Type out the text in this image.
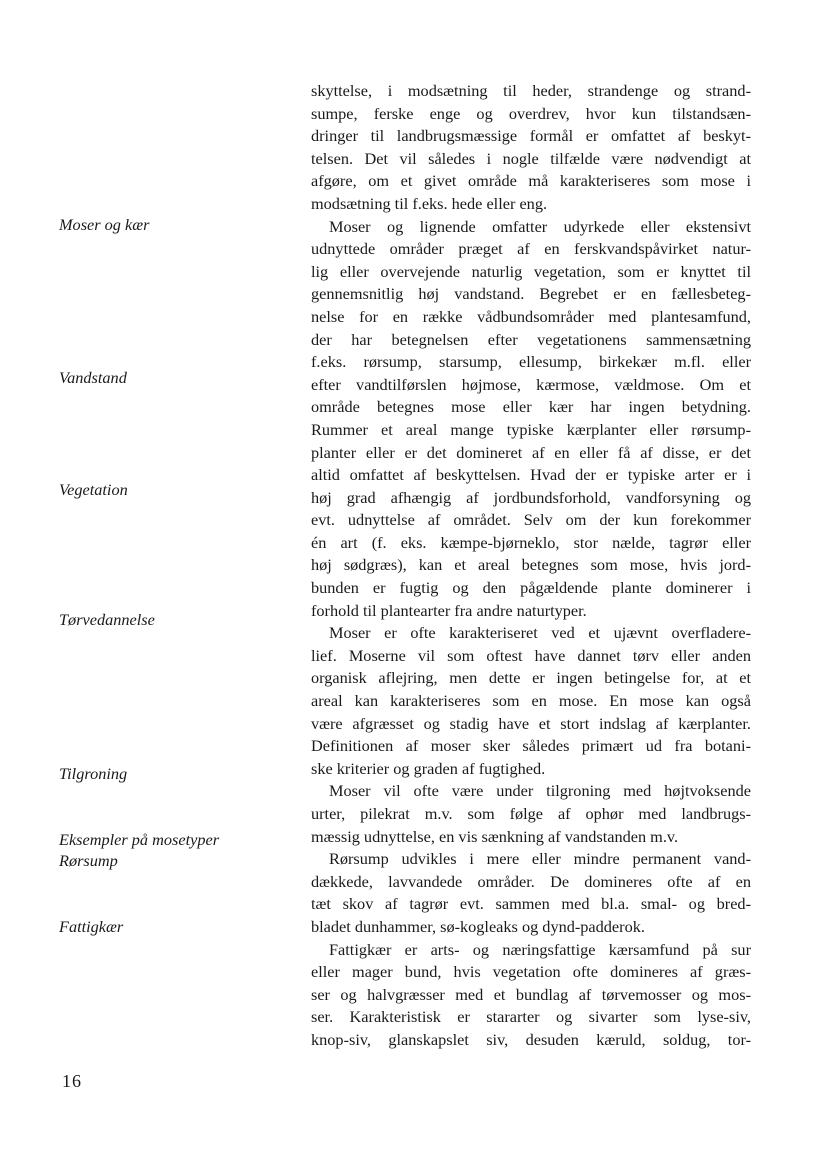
Moser og kær
Vandstand
Vegetation
Tørvedannelse
Tilgroning
Eksempler på mosetyper
Rørsump
Fattigkær
skyttelse, i modsætning til heder, strandenge og strand-
sumpe, ferske enge og overdrev, hvor kun tilstandsæn-
dringer til landbrugsmæssige formål er omfattet af beskyt-
telsen. Det vil således i nogle tilfælde være nødvendigt at
afgøre, om et givet område må karakteriseres som mose i
modsætning til f.eks. hede eller eng.
Moser og lignende omfatter udyrkede eller ekstensivt
udnyttede områder præget af en ferskvandspåvirket natur-
lig eller overvejende naturlig vegetation, som er knyttet til
gennemsnitlig høj vandstand. Begrebet er en fællesbeteg-
nelse for en række vådbundsområder med plantesamfund,
der har betegnelsen efter vegetationens sammensætning
f.eks. rørsump, starsump, ellesump, birkekær m.fl. eller
efter vandtilførslen højmose, kærmose, vældmose. Om et
område betegnes mose eller kær har ingen betydning.
Rummer et areal mange typiske kærplanter eller rørsump-
planter eller er det domineret af en eller få af disse, er det
altid omfattet af beskyttelsen. Hvad der er typiske arter er i
høj grad afhængig af jordbundsforhold, vandforsyning og
evt. udnyttelse af området. Selv om der kun forekommer
én art (f. eks. kæmpe-bjørneklo, stor nælde, tagrør eller
høj sødgræs), kan et areal betegnes som mose, hvis jord-
bunden er fugtig og den pågældende plante dominerer i
forhold til plantearter fra andre naturtyper.
Moser er ofte karakteriseret ved et ujævnt overfladere-
lief. Moserne vil som oftest have dannet tørv eller anden
organisk aflejring, men dette er ingen betingelse for, at et
areal kan karakteriseres som en mose. En mose kan også
være afgræsset og stadig have et stort indslag af kærplanter.
Definitionen af moser sker således primært ud fra botani-
ske kriterier og graden af fugtighed.
Moser vil ofte være under tilgroning med højtvoksende
urter, pilekrat m.v. som følge af ophør med landbrugs-
mæssig udnyttelse, en vis sænkning af vandstanden m.v.
Rørsump udvikles i mere eller mindre permanent vand-
dækkede, lavvandede områder. De domineres ofte af en
tæt skov af tagrør evt. sammen med bl.a. smal- og bred-
bladet dunhammer, sø-kogleaks og dynd-padderok.
Fattigkær er arts- og næringsfattige kærsamfund på sur
eller mager bund, hvis vegetation ofte domineres af græs-
ser og halvgræsser med et bundlag af tørvemosser og mos-
ser. Karakteristisk er stararter og sivarter som lyse-siv,
knop-siv, glanskapslet siv, desuden kæruld, soldug, tor-
16
